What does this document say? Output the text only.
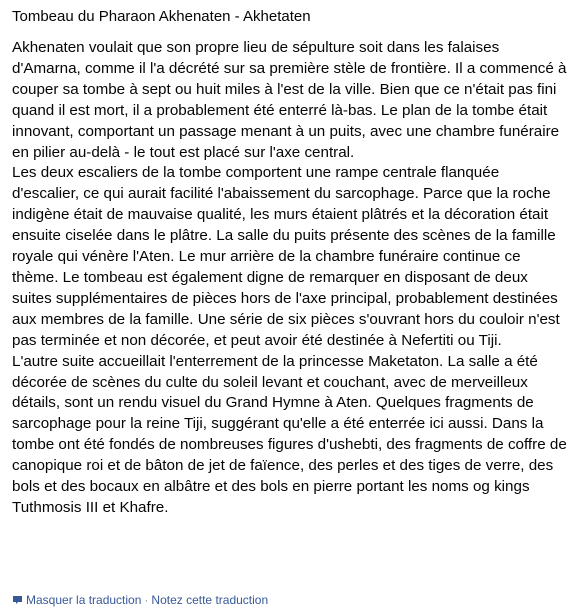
Tombeau du Pharaon Akhenaten - Akhetaten

Akhenaten voulait que son propre lieu de sépulture soit dans les falaises d'Amarna, comme il l'a décrété sur sa première stèle de frontière. Il a commencé à couper sa tombe à sept ou huit miles à l'est de la ville. Bien que ce n'était pas fini quand il est mort, il a probablement été enterré là-bas. Le plan de la tombe était innovant, comportant un passage menant à un puits, avec une chambre funéraire en pilier au-delà - le tout est placé sur l'axe central.

Les deux escaliers de la tombe comportent une rampe centrale flanquée d'escalier, ce qui aurait facilité l'abaissement du sarcophage. Parce que la roche indigène était de mauvaise qualité, les murs étaient plâtrés et la décoration était ensuite ciselée dans le plâtre. La salle du puits présente des scènes de la famille royale qui vénère l'Aten. Le mur arrière de la chambre funéraire continue ce thème. Le tombeau est également digne de remarquer en disposant de deux suites supplémentaires de pièces hors de l'axe principal, probablement destinées aux membres de la famille. Une série de six pièces s'ouvrant hors du couloir n'est pas terminée et non décorée, et peut avoir été destinée à Nefertiti ou Tiji.

L'autre suite accueillait l'enterrement de la princesse Maketaton. La salle a été décorée de scènes du culte du soleil levant et couchant, avec de merveilleux détails, sont un rendu visuel du Grand Hymne à Aten. Quelques fragments de sarcophage pour la reine Tiji, suggérant qu'elle a été enterrée ici aussi. Dans la tombe ont été fondés de nombreuses figures d'ushebti, des fragments de coffre de canopique roi et de bâton de jet de faïence, des perles et des tiges de verre, des bols et des bocaux en albâtre et des bols en pierre portant les noms og kings Tuthmosis III et Khafre.

Masquer la traduction · Notez cette traduction
